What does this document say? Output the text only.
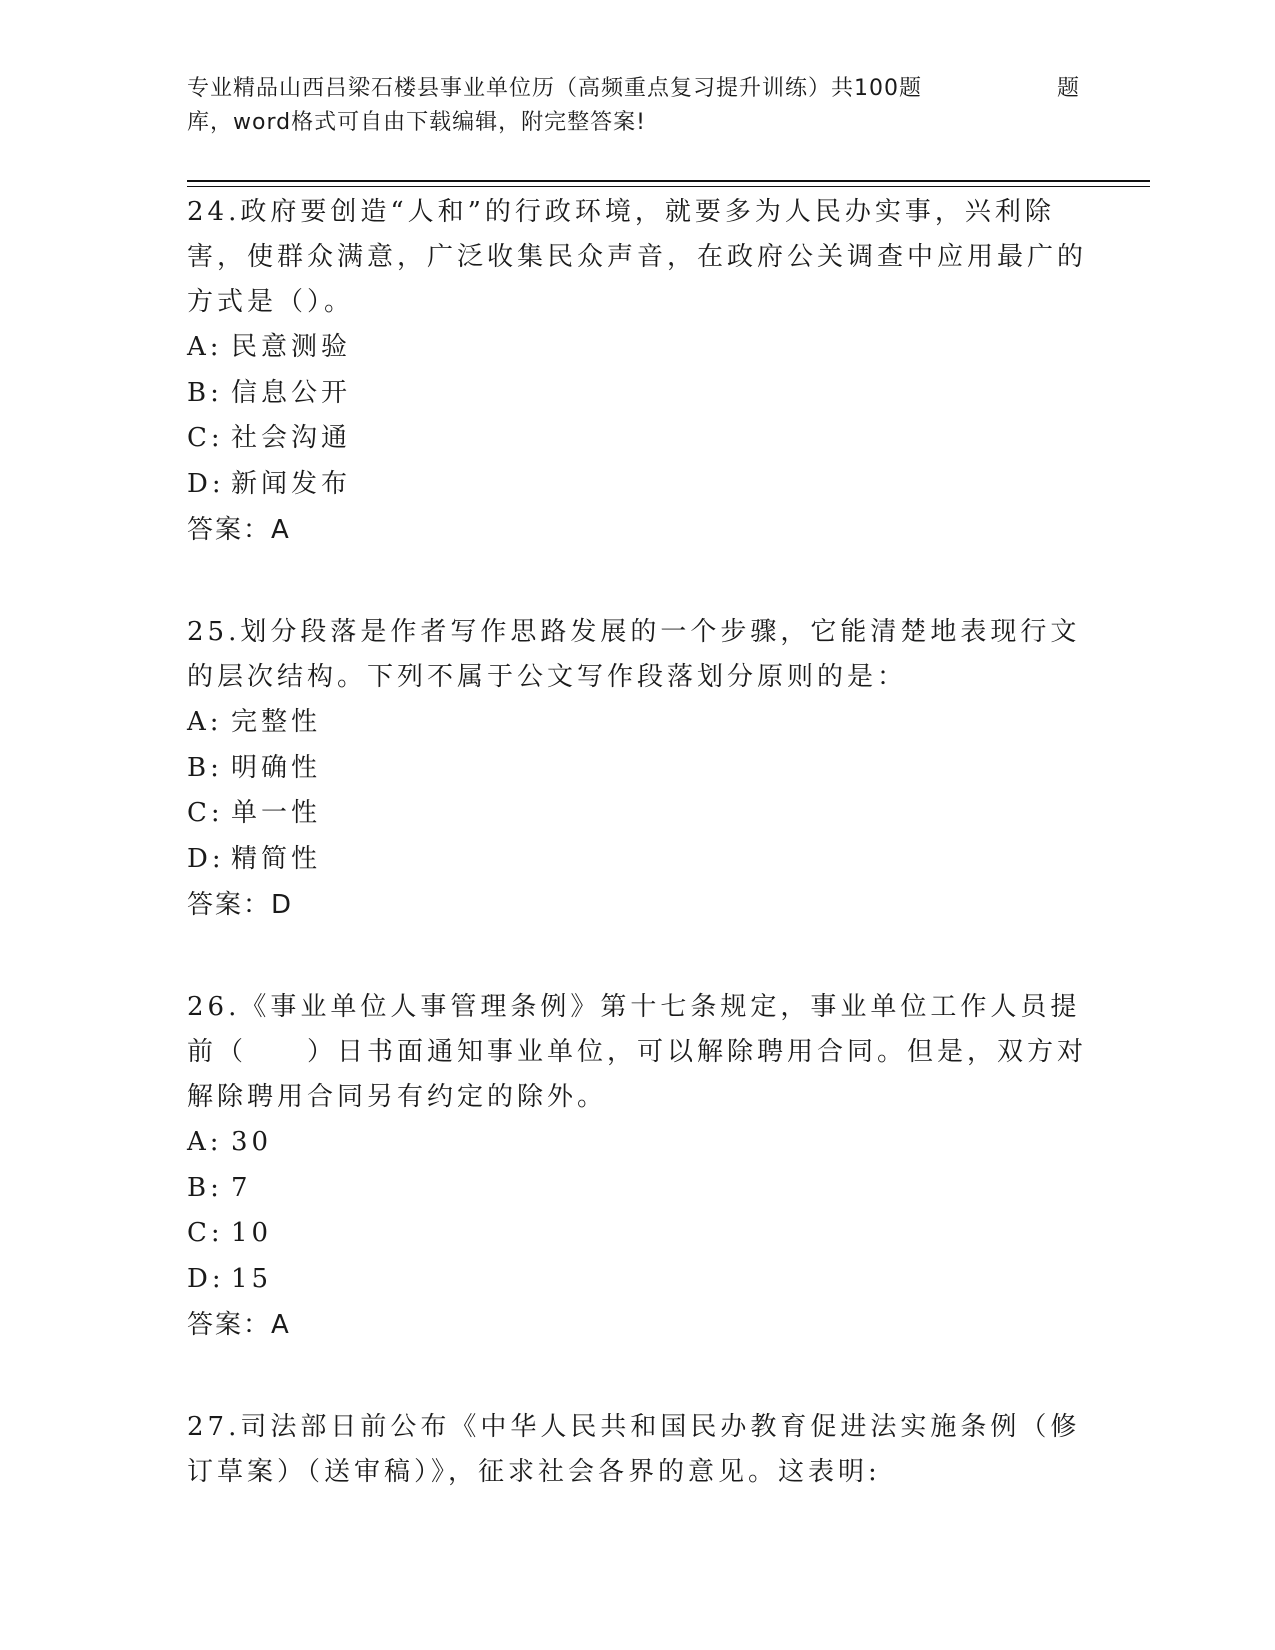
专业精品山西吕梁石楼县事业单位历（高频重点复习提升训练）共100题	题
库，word格式可自由下载编辑，附完整答案!

24.政府要创造“人和”的行政环境，就要多为人民办实事，兴利除害，使群众满意，广泛收集民众声音，在政府公关调查中应用最广的方式是（）。

A: 民意测验

B: 信息公开

C: 社会沟通

D: 新闻发布

答案：A

25.划分段落是作者写作思路发展的一个步骤，它能清楚地表现行文的层次结构。下列不属于公文写作段落划分原则的是：

A: 完整性

B: 明确性

C: 单一性

D: 精简性

答案：D

26.《事业单位人事管理条例》第十七条规定，事业单位工作人员提前（　　）日书面通知事业单位，可以解除聘用合同。但是，双方对解除聘用合同另有约定的除外。

A: 30

B: 7

C: 10

D: 15

答案：A

27.司法部日前公布《中华人民共和国民办教育促进法实施条例（修订草案）（送审稿）》，征求社会各界的意见。这表明:
